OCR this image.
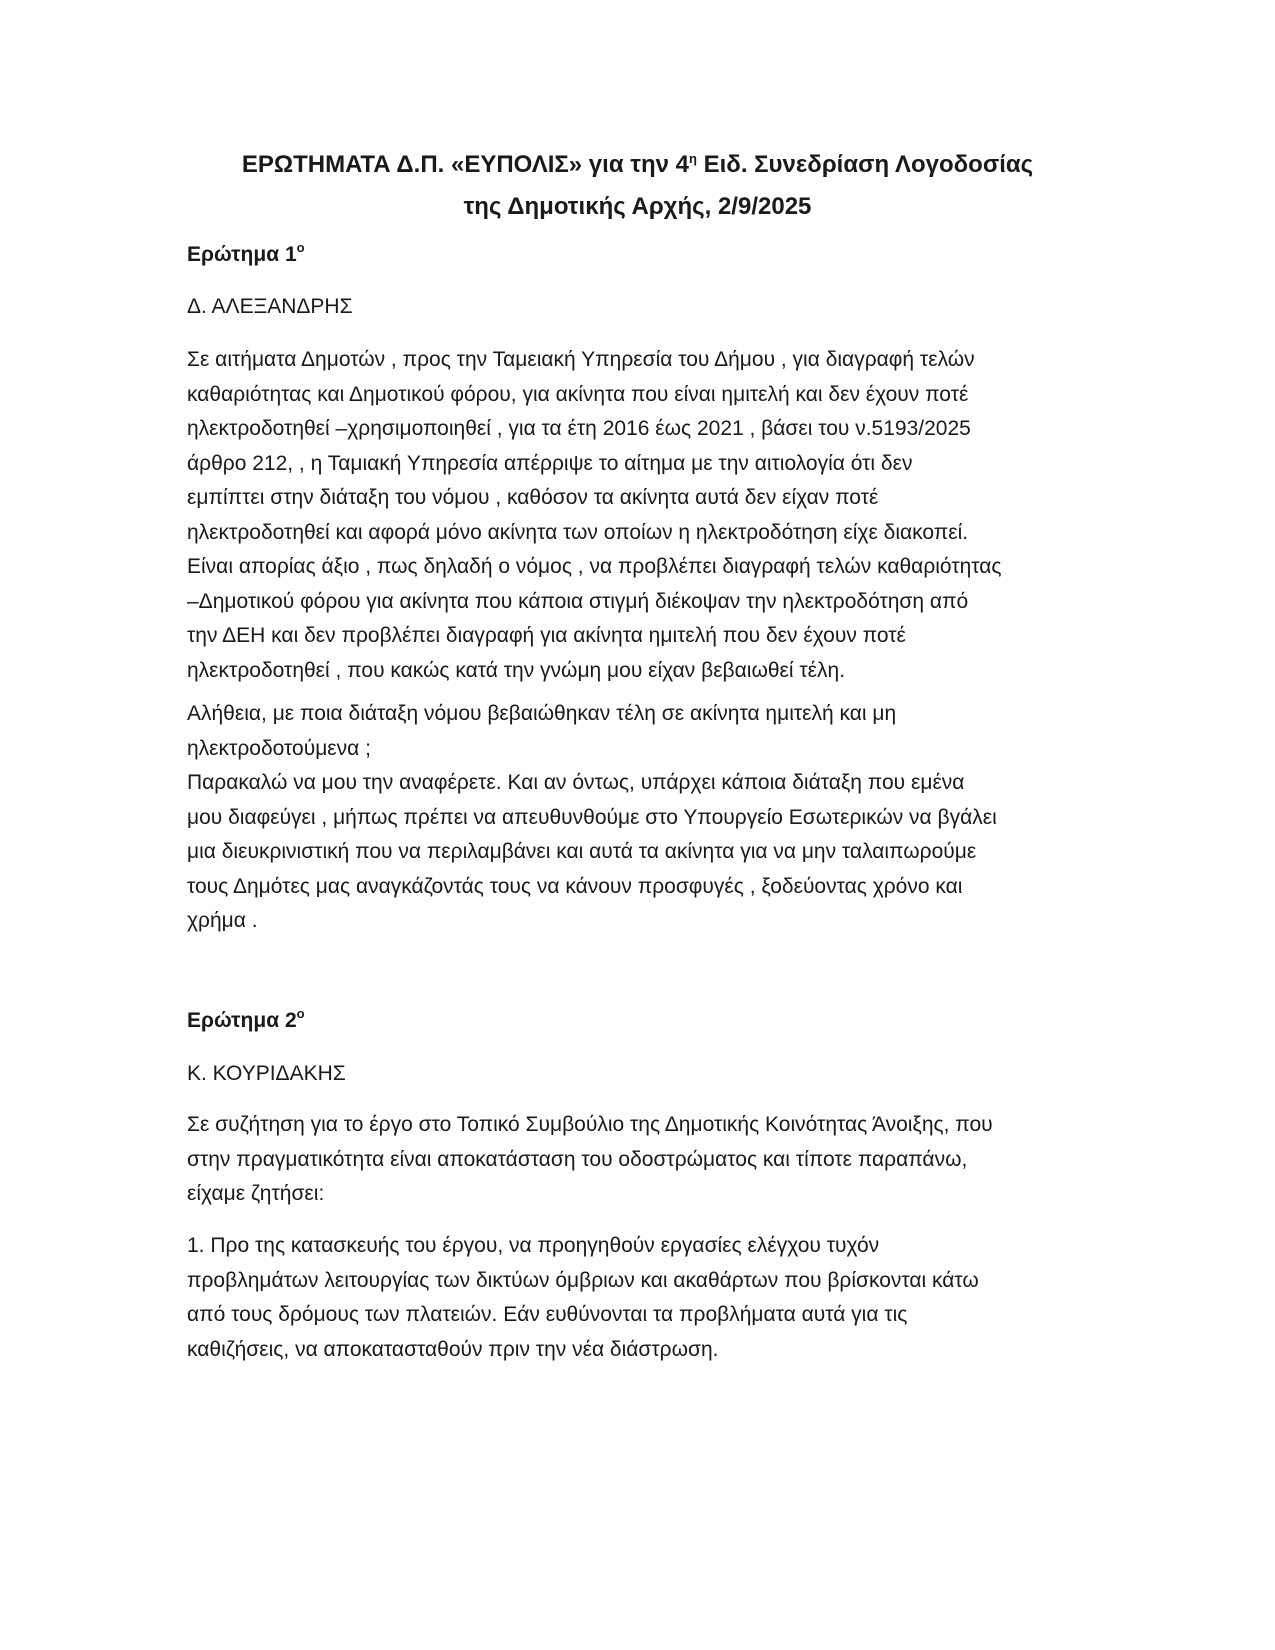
ΕΡΩΤΗΜΑΤΑ Δ.Π. «ΕΥΠΟΛΙΣ» για την $4^\eta$ Ειδ. Συνεδρίαση Λογοδοσίας
της Δημοτικής Αρχής, 2/9/2025
Ερώτημα $1^o$

Δ. ΑΛΕΞΑΝΔΡΗΣ

Σε αιτήματα Δημοτών , προς την Ταμειακή Υπηρεσία του Δήμου , για διαγραφή τελών
καθαριότητας και Δημοτικού φόρου, για ακίνητα που είναι ημιτελή και δεν έχουν ποτέ
ηλεκτροδοτηθεί –χρησιμοποιηθεί , για τα έτη 2016 έως 2021 , βάσει του ν.5193/2025
άρθρο 212, , η Ταμιακή Υπηρεσία απέρριψε το αίτημα με την αιτιολογία ότι δεν
εμπίπτει στην διάταξη του νόμου , καθόσον τα ακίνητα αυτά δεν είχαν ποτέ
ηλεκτροδοτηθεί και αφορά μόνο ακίνητα των οποίων η ηλεκτροδότηση είχε διακοπεί.
Είναι απορίας άξιο , πως δηλαδή ο νόμος , να προβλέπει διαγραφή τελών καθαριότητας
–Δημοτικού φόρου για ακίνητα που κάποια στιγμή διέκοψαν την ηλεκτροδότηση από
την ΔΕΗ και δεν προβλέπει διαγραφή για ακίνητα ημιτελή που δεν έχουν ποτέ
ηλεκτροδοτηθεί , που κακώς κατά την γνώμη μου είχαν βεβαιωθεί τέλη.

Αλήθεια, με ποια διάταξη νόμου βεβαιώθηκαν τέλη σε ακίνητα ημιτελή και μη
ηλεκτροδοτούμενα ;
Παρακαλώ να μου την αναφέρετε. Και αν όντως, υπάρχει κάποια διάταξη που εμένα
μου διαφεύγει , μήπως πρέπει να απευθυνθούμε στο Υπουργείο Εσωτερικών να βγάλει
μια διευκρινιστική που να περιλαμβάνει και αυτά τα ακίνητα για να μην ταλαιπωρούμε
τους Δημότες μας αναγκάζοντάς τους να κάνουν προσφυγές , ξοδεύοντας χρόνο και
χρήμα .

Ερώτημα $2^o$

Κ. ΚΟΥΡΙΔΑΚΗΣ

Σε συζήτηση για το έργο στο Τοπικό Συμβούλιο της Δημοτικής Κοινότητας Άνοιξης, που
στην πραγματικότητα είναι αποκατάσταση του οδοστρώματος και τίποτε παραπάνω,
είχαμε ζητήσει:

1. Προ της κατασκευής του έργου, να προηγηθούν εργασίες ελέγχου τυχόν
προβλημάτων λειτουργίας των δικτύων όμβριων και ακαθάρτων που βρίσκονται κάτω
από τους δρόμους των πλατειών. Εάν ευθύνονται τα προβλήματα αυτά για τις
καθιζήσεις, να αποκατασταθούν πριν την νέα διάστρωση.
